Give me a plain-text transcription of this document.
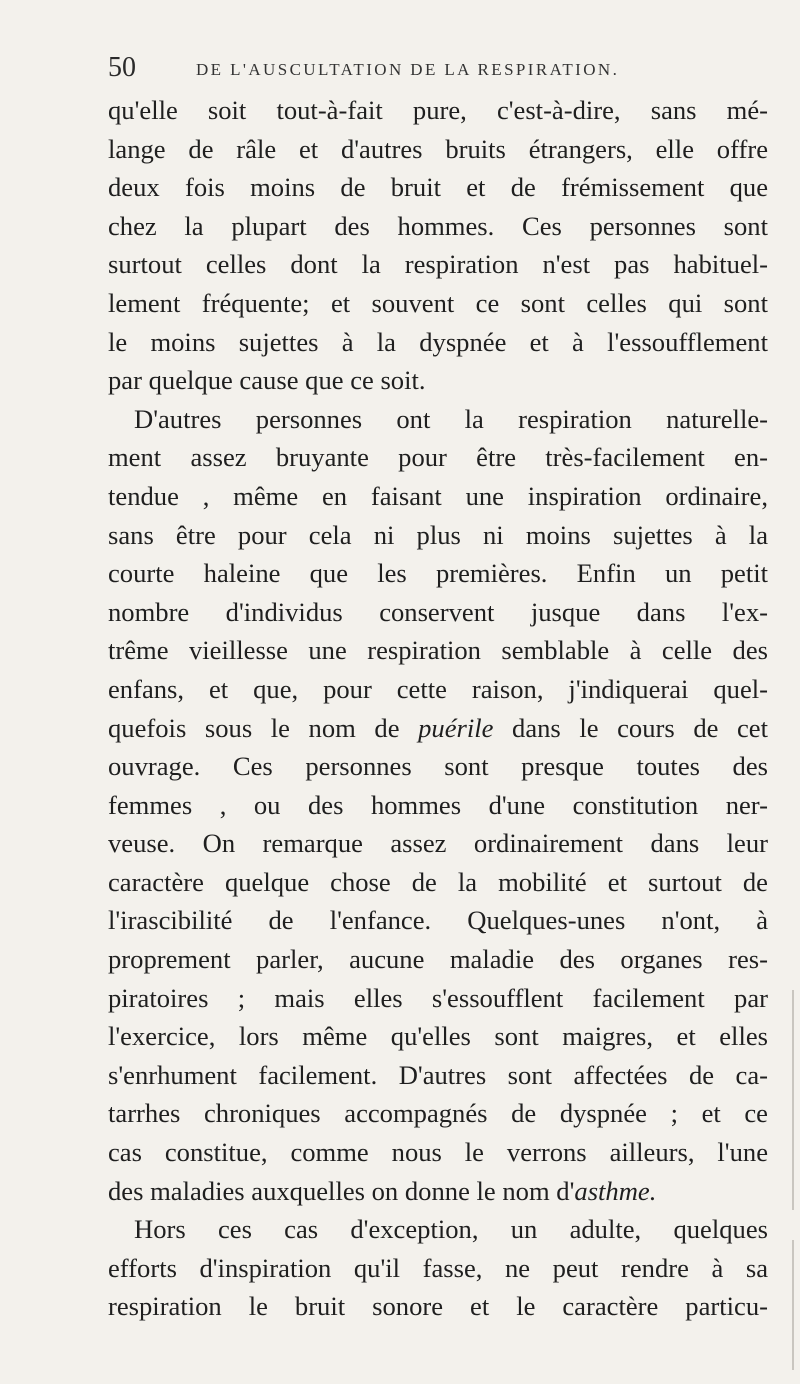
50	DE L'AUSCULTATION DE LA RESPIRATION.
qu'elle soit tout-à-fait pure, c'est-à-dire, sans mé-
lange de râle et d'autres bruits étrangers, elle offre
deux fois moins de bruit et de frémissement que
chez la plupart des hommes. Ces personnes sont
surtout celles dont la respiration n'est pas habituel-
lement fréquente; et souvent ce sont celles qui sont
le moins sujettes à la dyspnée et à l'essoufflement
par quelque cause que ce soit.
D'autres personnes ont la respiration naturelle-
ment assez bruyante pour être très-facilement en-
tendue , même en faisant une inspiration ordinaire,
sans être pour cela ni plus ni moins sujettes à la
courte haleine que les premières. Enfin un petit
nombre d'individus conservent jusque dans l'ex-
trême vieillesse une respiration semblable à celle des
enfans, et que, pour cette raison, j'indiquerai quel-
quefois sous le nom de puérile dans le cours de cet
ouvrage. Ces personnes sont presque toutes des
femmes , ou des hommes d'une constitution ner-
veuse. On remarque assez ordinairement dans leur
caractère quelque chose de la mobilité et surtout de
l'irascibilité de l'enfance. Quelques-unes n'ont, à
proprement parler, aucune maladie des organes res-
piratoires ; mais elles s'essoufflent facilement par
l'exercice, lors même qu'elles sont maigres, et elles
s'enrhument facilement. D'autres sont affectées de ca-
tarrhes chroniques accompagnés de dyspnée ; et ce
cas constitue, comme nous le verrons ailleurs, l'une
des maladies auxquelles on donne le nom d'asthme.
Hors ces cas d'exception, un adulte, quelques
efforts d'inspiration qu'il fasse, ne peut rendre à sa
respiration le bruit sonore et le caractère particu-
